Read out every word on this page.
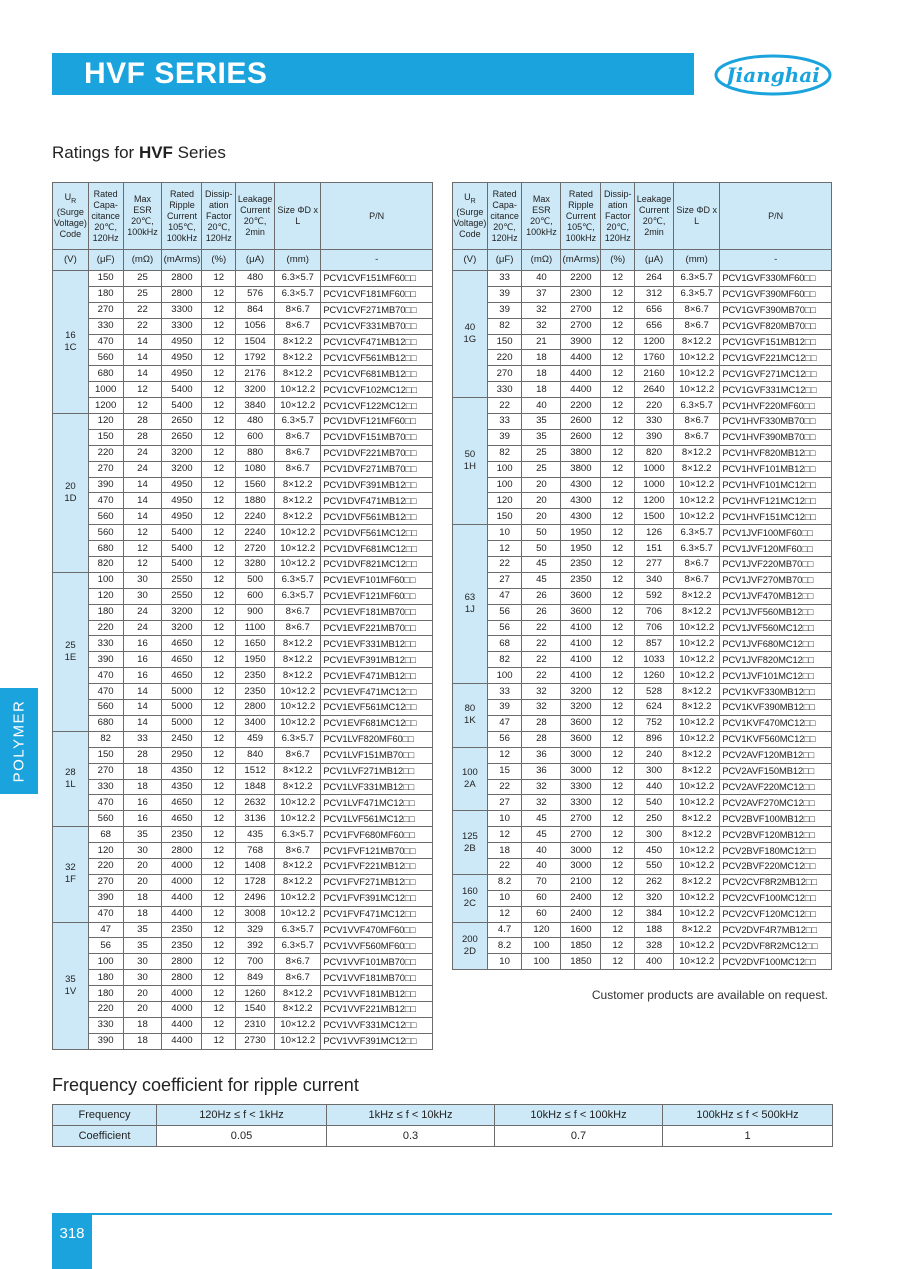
HVF SERIES	Jianghai
Ratings for HVF Series
$U_R$
(Surge Voltage) Code	Rated Capa-citance 20℃, 120Hz	Max ESR 20℃, 100kHz	Rated Ripple Current 105℃, 100kHz	Dissip-ation Factor 20℃, 120Hz	Leakage Current 20℃, 2min	Size ΦD x L	P/N
(V)	(μF)	(mΩ)	(mArms)	(%)	(μA)	(mm)	-

16
1C	150	25	2800	12	480	6.3×5.7	PCV1CVF151MF60□□
	180	25	2800	12	576	6.3×5.7	PCV1CVF181MF60□□
	270	22	3300	12	864	8×6.7	PCV1CVF271MB70□□
	330	22	3300	12	1056	8×6.7	PCV1CVF331MB70□□
	470	14	4950	12	1504	8×12.2	PCV1CVF471MB12□□
	560	14	4950	12	1792	8×12.2	PCV1CVF561MB12□□
	680	14	4950	12	2176	8×12.2	PCV1CVF681MB12□□
	1000	12	5400	12	3200	10×12.2	PCV1CVF102MC12□□
	1200	12	5400	12	3840	10×12.2	PCV1CVF122MC12□□

20
1D	120	28	2650	12	480	6.3×5.7	PCV1DVF121MF60□□
	150	28	2650	12	600	8×6.7	PCV1DVF151MB70□□
	220	24	3200	12	880	8×6.7	PCV1DVF221MB70□□
	270	24	3200	12	1080	8×6.7	PCV1DVF271MB70□□
	390	14	4950	12	1560	8×12.2	PCV1DVF391MB12□□
	470	14	4950	12	1880	8×12.2	PCV1DVF471MB12□□
	560	14	4950	12	2240	8×12.2	PCV1DVF561MB12□□
	560	12	5400	12	2240	10×12.2	PCV1DVF561MC12□□
	680	12	5400	12	2720	10×12.2	PCV1DVF681MC12□□
	820	12	5400	12	3280	10×12.2	PCV1DVF821MC12□□

25
1E	100	30	2550	12	500	6.3×5.7	PCV1EVF101MF60□□
	120	30	2550	12	600	6.3×5.7	PCV1EVF121MF60□□
	180	24	3200	12	900	8×6.7	PCV1EVF181MB70□□
	220	24	3200	12	1100	8×6.7	PCV1EVF221MB70□□
	330	16	4650	12	1650	8×12.2	PCV1EVF331MB12□□
	390	16	4650	12	1950	8×12.2	PCV1EVF391MB12□□
	470	16	4650	12	2350	8×12.2	PCV1EVF471MB12□□
	470	14	5000	12	2350	10×12.2	PCV1EVF471MC12□□
	560	14	5000	12	2800	10×12.2	PCV1EVF561MC12□□
	680	14	5000	12	3400	10×12.2	PCV1EVF681MC12□□

28
1L	82	33	2450	12	459	6.3×5.7	PCV1LVF820MF60□□
	150	28	2950	12	840	8×6.7	PCV1LVF151MB70□□
	270	18	4350	12	1512	8×12.2	PCV1LVF271MB12□□
	330	18	4350	12	1848	8×12.2	PCV1LVF331MB12□□
	470	16	4650	12	2632	10×12.2	PCV1LVF471MC12□□
	560	16	4650	12	3136	10×12.2	PCV1LVF561MC12□□

32
1F	68	35	2350	12	435	6.3×5.7	PCV1FVF680MF60□□
	120	30	2800	12	768	8×6.7	PCV1FVF121MB70□□
	220	20	4000	12	1408	8×12.2	PCV1FVF221MB12□□
	270	20	4000	12	1728	8×12.2	PCV1FVF271MB12□□
	390	18	4400	12	2496	10×12.2	PCV1FVF391MC12□□
	470	18	4400	12	3008	10×12.2	PCV1FVF471MC12□□

35
1V	47	35	2350	12	329	6.3×5.7	PCV1VVF470MF60□□
	56	35	2350	12	392	6.3×5.7	PCV1VVF560MF60□□
	100	30	2800	12	700	8×6.7	PCV1VVF101MB70□□
	180	30	2800	12	849	8×6.7	PCV1VVF181MB70□□
	180	20	4000	12	1260	8×12.2	PCV1VVF181MB12□□
	220	20	4000	12	1540	8×12.2	PCV1VVF221MB12□□
	330	18	4400	12	2310	10×12.2	PCV1VVF331MC12□□
	390	18	4400	12	2730	10×12.2	PCV1VVF391MC12□□
$U_R$
(Surge Voltage) Code	Rated Capa-citance 20℃, 120Hz	Max ESR 20℃, 100kHz	Rated Ripple Current 105℃, 100kHz	Dissip-ation Factor 20℃, 120Hz	Leakage Current 20℃, 2min	Size ΦD x L	P/N
(V)	(μF)	(mΩ)	(mArms)	(%)	(μA)	(mm)	-

40
1G	33	40	2200	12	264	6.3×5.7	PCV1GVF330MF60□□
	39	37	2300	12	312	6.3×5.7	PCV1GVF390MF60□□
	39	32	2700	12	656	8×6.7	PCV1GVF390MB70□□
	82	32	2700	12	656	8×6.7	PCV1GVF820MB70□□
	150	21	3900	12	1200	8×12.2	PCV1GVF151MB12□□
	220	18	4400	12	1760	10×12.2	PCV1GVF221MC12□□
	270	18	4400	12	2160	10×12.2	PCV1GVF271MC12□□
	330	18	4400	12	2640	10×12.2	PCV1GVF331MC12□□

50
1H	22	40	2200	12	220	6.3×5.7	PCV1HVF220MF60□□
	33	35	2600	12	330	8×6.7	PCV1HVF330MB70□□
	39	35	2600	12	390	8×6.7	PCV1HVF390MB70□□
	82	25	3800	12	820	8×12.2	PCV1HVF820MB12□□
	100	25	3800	12	1000	8×12.2	PCV1HVF101MB12□□
	100	20	4300	12	1000	10×12.2	PCV1HVF101MC12□□
	120	20	4300	12	1200	10×12.2	PCV1HVF121MC12□□
	150	20	4300	12	1500	10×12.2	PCV1HVF151MC12□□

63
1J	10	50	1950	12	126	6.3×5.7	PCV1JVF100MF60□□
	12	50	1950	12	151	6.3×5.7	PCV1JVF120MF60□□
	22	45	2350	12	277	8×6.7	PCV1JVF220MB70□□
	27	45	2350	12	340	8×6.7	PCV1JVF270MB70□□
	47	26	3600	12	592	8×12.2	PCV1JVF470MB12□□
	56	26	3600	12	706	8×12.2	PCV1JVF560MB12□□
	56	22	4100	12	706	10×12.2	PCV1JVF560MC12□□
	68	22	4100	12	857	10×12.2	PCV1JVF680MC12□□
	82	22	4100	12	1033	10×12.2	PCV1JVF820MC12□□
	100	22	4100	12	1260	10×12.2	PCV1JVF101MC12□□

80
1K	33	32	3200	12	528	8×12.2	PCV1KVF330MB12□□
	39	32	3200	12	624	8×12.2	PCV1KVF390MB12□□
	47	28	3600	12	752	10×12.2	PCV1KVF470MC12□□
	56	28	3600	12	896	10×12.2	PCV1KVF560MC12□□

100
2A	12	36	3000	12	240	8×12.2	PCV2AVF120MB12□□
	15	36	3000	12	300	8×12.2	PCV2AVF150MB12□□
	22	32	3300	12	440	10×12.2	PCV2AVF220MC12□□
	27	32	3300	12	540	10×12.2	PCV2AVF270MC12□□

125
2B	10	45	2700	12	250	8×12.2	PCV2BVF100MB12□□
	12	45	2700	12	300	8×12.2	PCV2BVF120MB12□□
	18	40	3000	12	450	10×12.2	PCV2BVF180MC12□□
	22	40	3000	12	550	10×12.2	PCV2BVF220MC12□□

160
2C	8.2	70	2100	12	262	8×12.2	PCV2CVF8R2MB12□□
	10	60	2400	12	320	10×12.2	PCV2CVF100MC12□□
	12	60	2400	12	384	10×12.2	PCV2CVF120MC12□□

200
2D	4.7	120	1600	12	188	8×12.2	PCV2DVF4R7MB12□□
	8.2	100	1850	12	328	10×12.2	PCV2DVF8R2MC12□□
	10	100	1850	12	400	10×12.2	PCV2DVF100MC12□□
Customer products are available on request.
Frequency coefficient for ripple current
Frequency	120Hz ≤ f < 1kHz	1kHz ≤ f < 10kHz	10kHz ≤ f < 100kHz	100kHz ≤ f < 500kHz
Coefficient	0.05	0.3	0.7	1
POLYMER
318
